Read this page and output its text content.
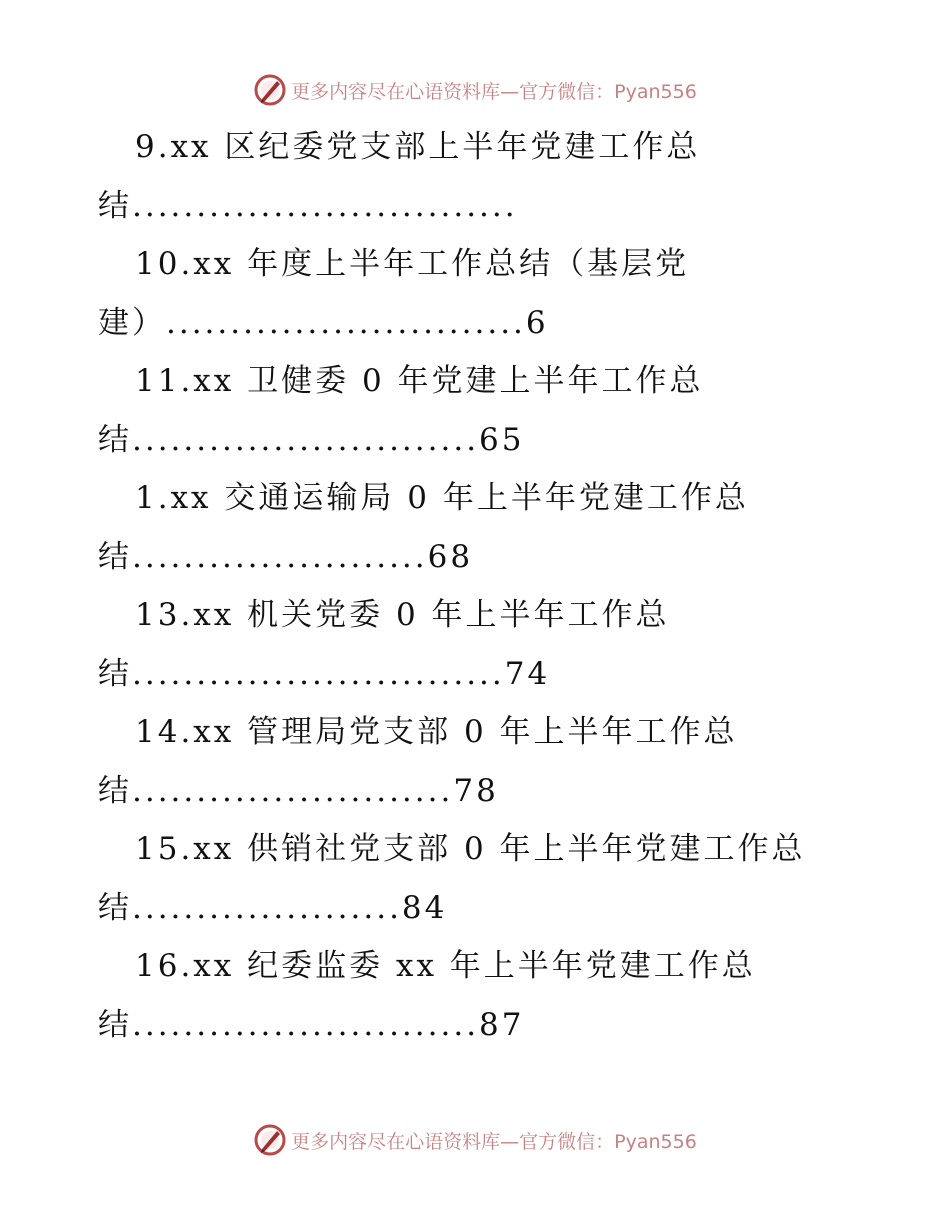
更多内容尽在心语资料库—官方微信：Pyan556
9.xx 区纪委党支部上半年党建工作总
结..............................
10.xx 年度上半年工作总结（基层党
建）............................6
11.xx 卫健委 0 年党建上半年工作总
结...........................65
1.xx 交通运输局 0 年上半年党建工作总
结.......................68
13.xx 机关党委 0 年上半年工作总
结.............................74
14.xx 管理局党支部 0 年上半年工作总
结.........................78
15.xx 供销社党支部 0 年上半年党建工作总
结.....................84
16.xx 纪委监委 xx 年上半年党建工作总
结...........................87
更多内容尽在心语资料库—官方微信：Pyan556
